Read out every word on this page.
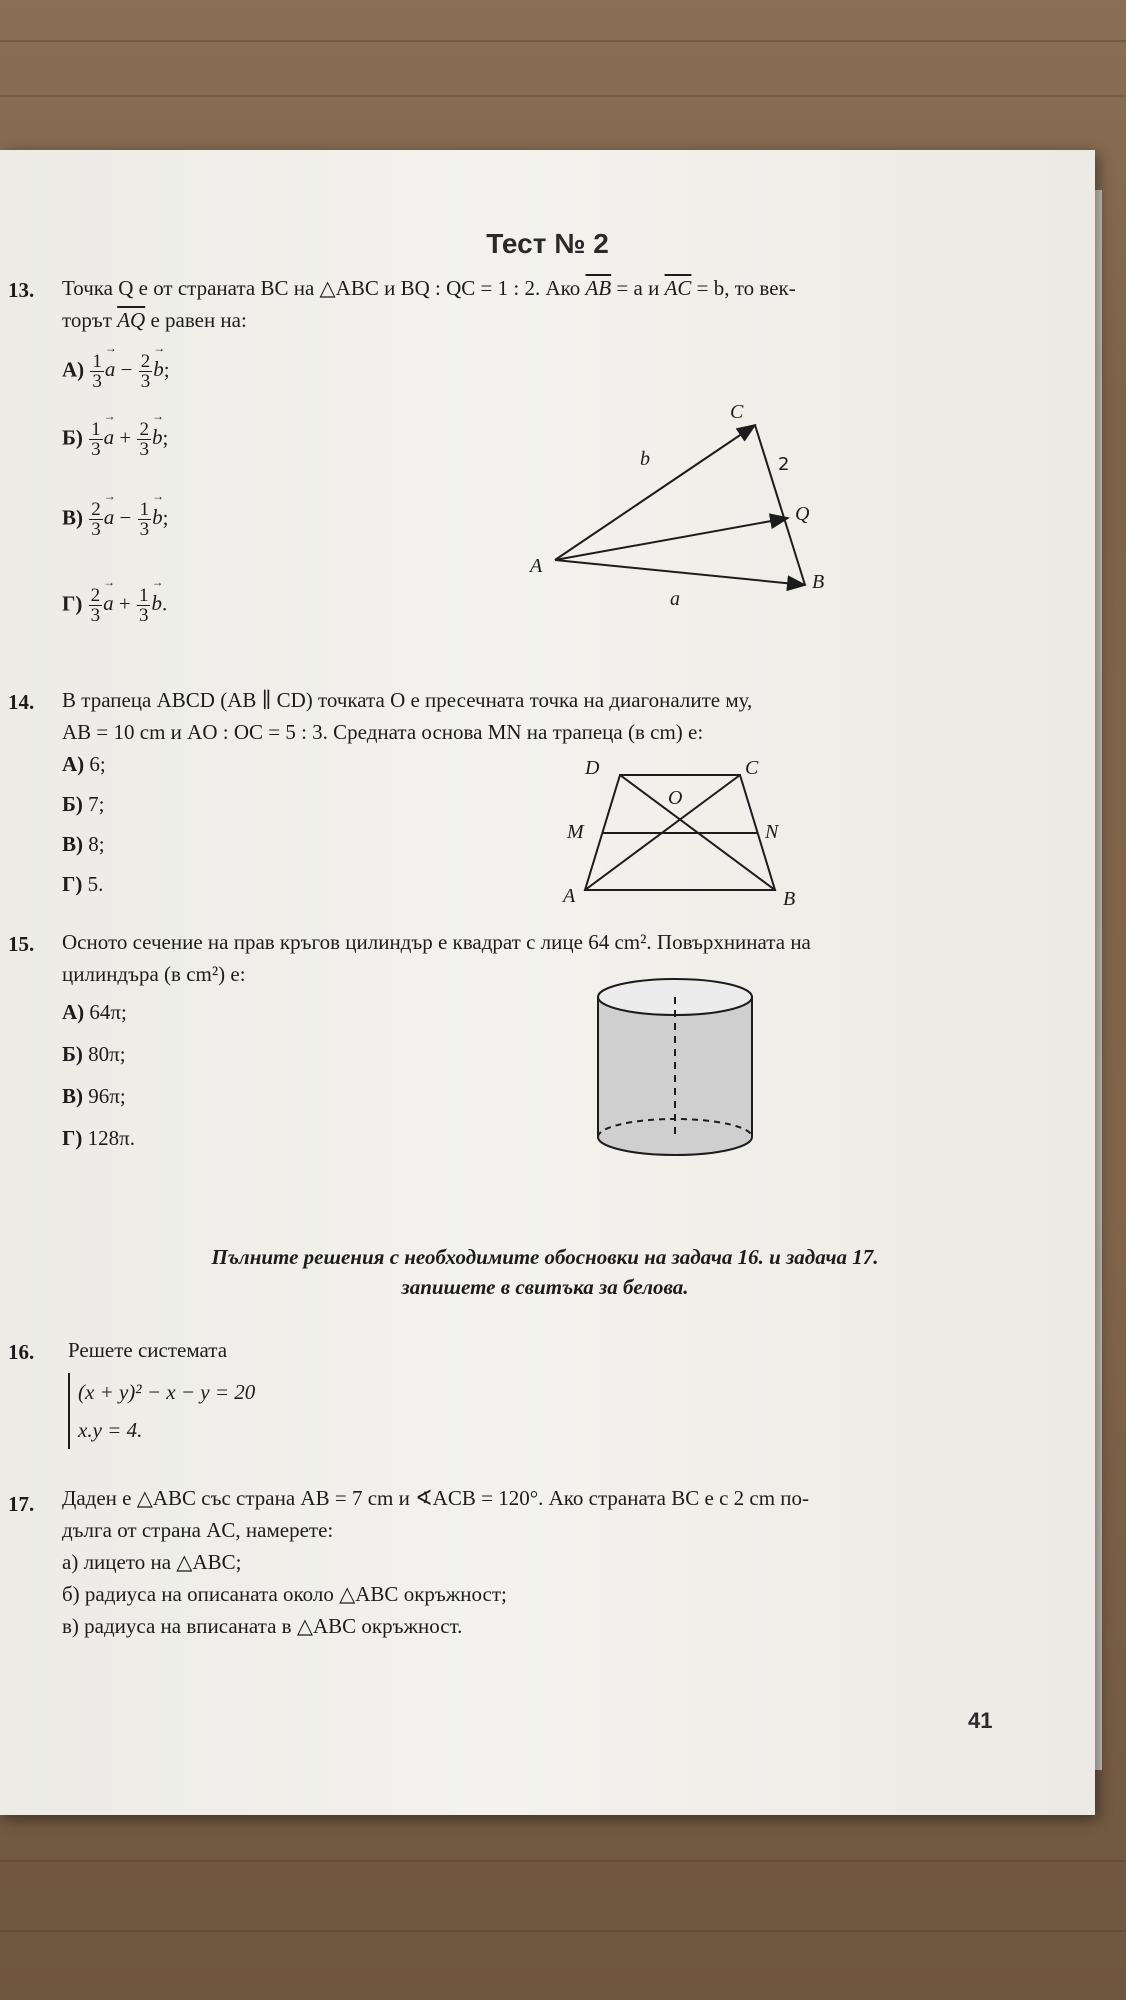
Тест № 2
13. Точка Q е от страната BC на △ABC и BQ : QC = 1 : 2. Ако $\overline{AB} = a$ и $\overline{AC} = b$, то век-
торът $\overline{AQ}$ е равен на:
$А) \frac{1}{3} \to a - \frac{2}{3} \to b$;
$Б) \frac{1}{3} \to a + \frac{2}{3} \to b$;
$В) \frac{2}{3} \to a - \frac{1}{3} \to b$;
$Г) \frac{2}{3} \to a + \frac{1}{3} \to b$.
A
B
C
Q
a
b	2
14. В трапеца ABCD (AB ∥ CD) точката O е пресечната точка на диагоналите му,
AB = 10 cm и AO : OC = 5 : 3. Средната основа MN на трапеца (в cm) е:
А) 6;
Б) 7;
В) 8;
Г) 5.	A	B
C
D
O
M	N
15. Осното сечение на прав кръгов цилиндър е квадрат с лице 64 cm². Повърхнината на
цилиндъра (в cm²) е:
А) 64π;
Б) 80π;
В) 96π;
Г) 128π.
Пълните решения с необходимите обосновки на задача 16. и задача 17.
запишете в свитъка за белова.
16. Решете системата
(x + y)² − x − y = 20
x.y = 4.
17. Даден е △ABC със страна AB = 7 cm и ∢ACB = 120°. Ако страната BC е с 2 cm по-
дълга от страна AC, намерете:
а) лицето на △ABC;
б) радиуса на описаната около △ABC окръжност;
в) радиуса на вписаната в △ABC окръжност.
41
